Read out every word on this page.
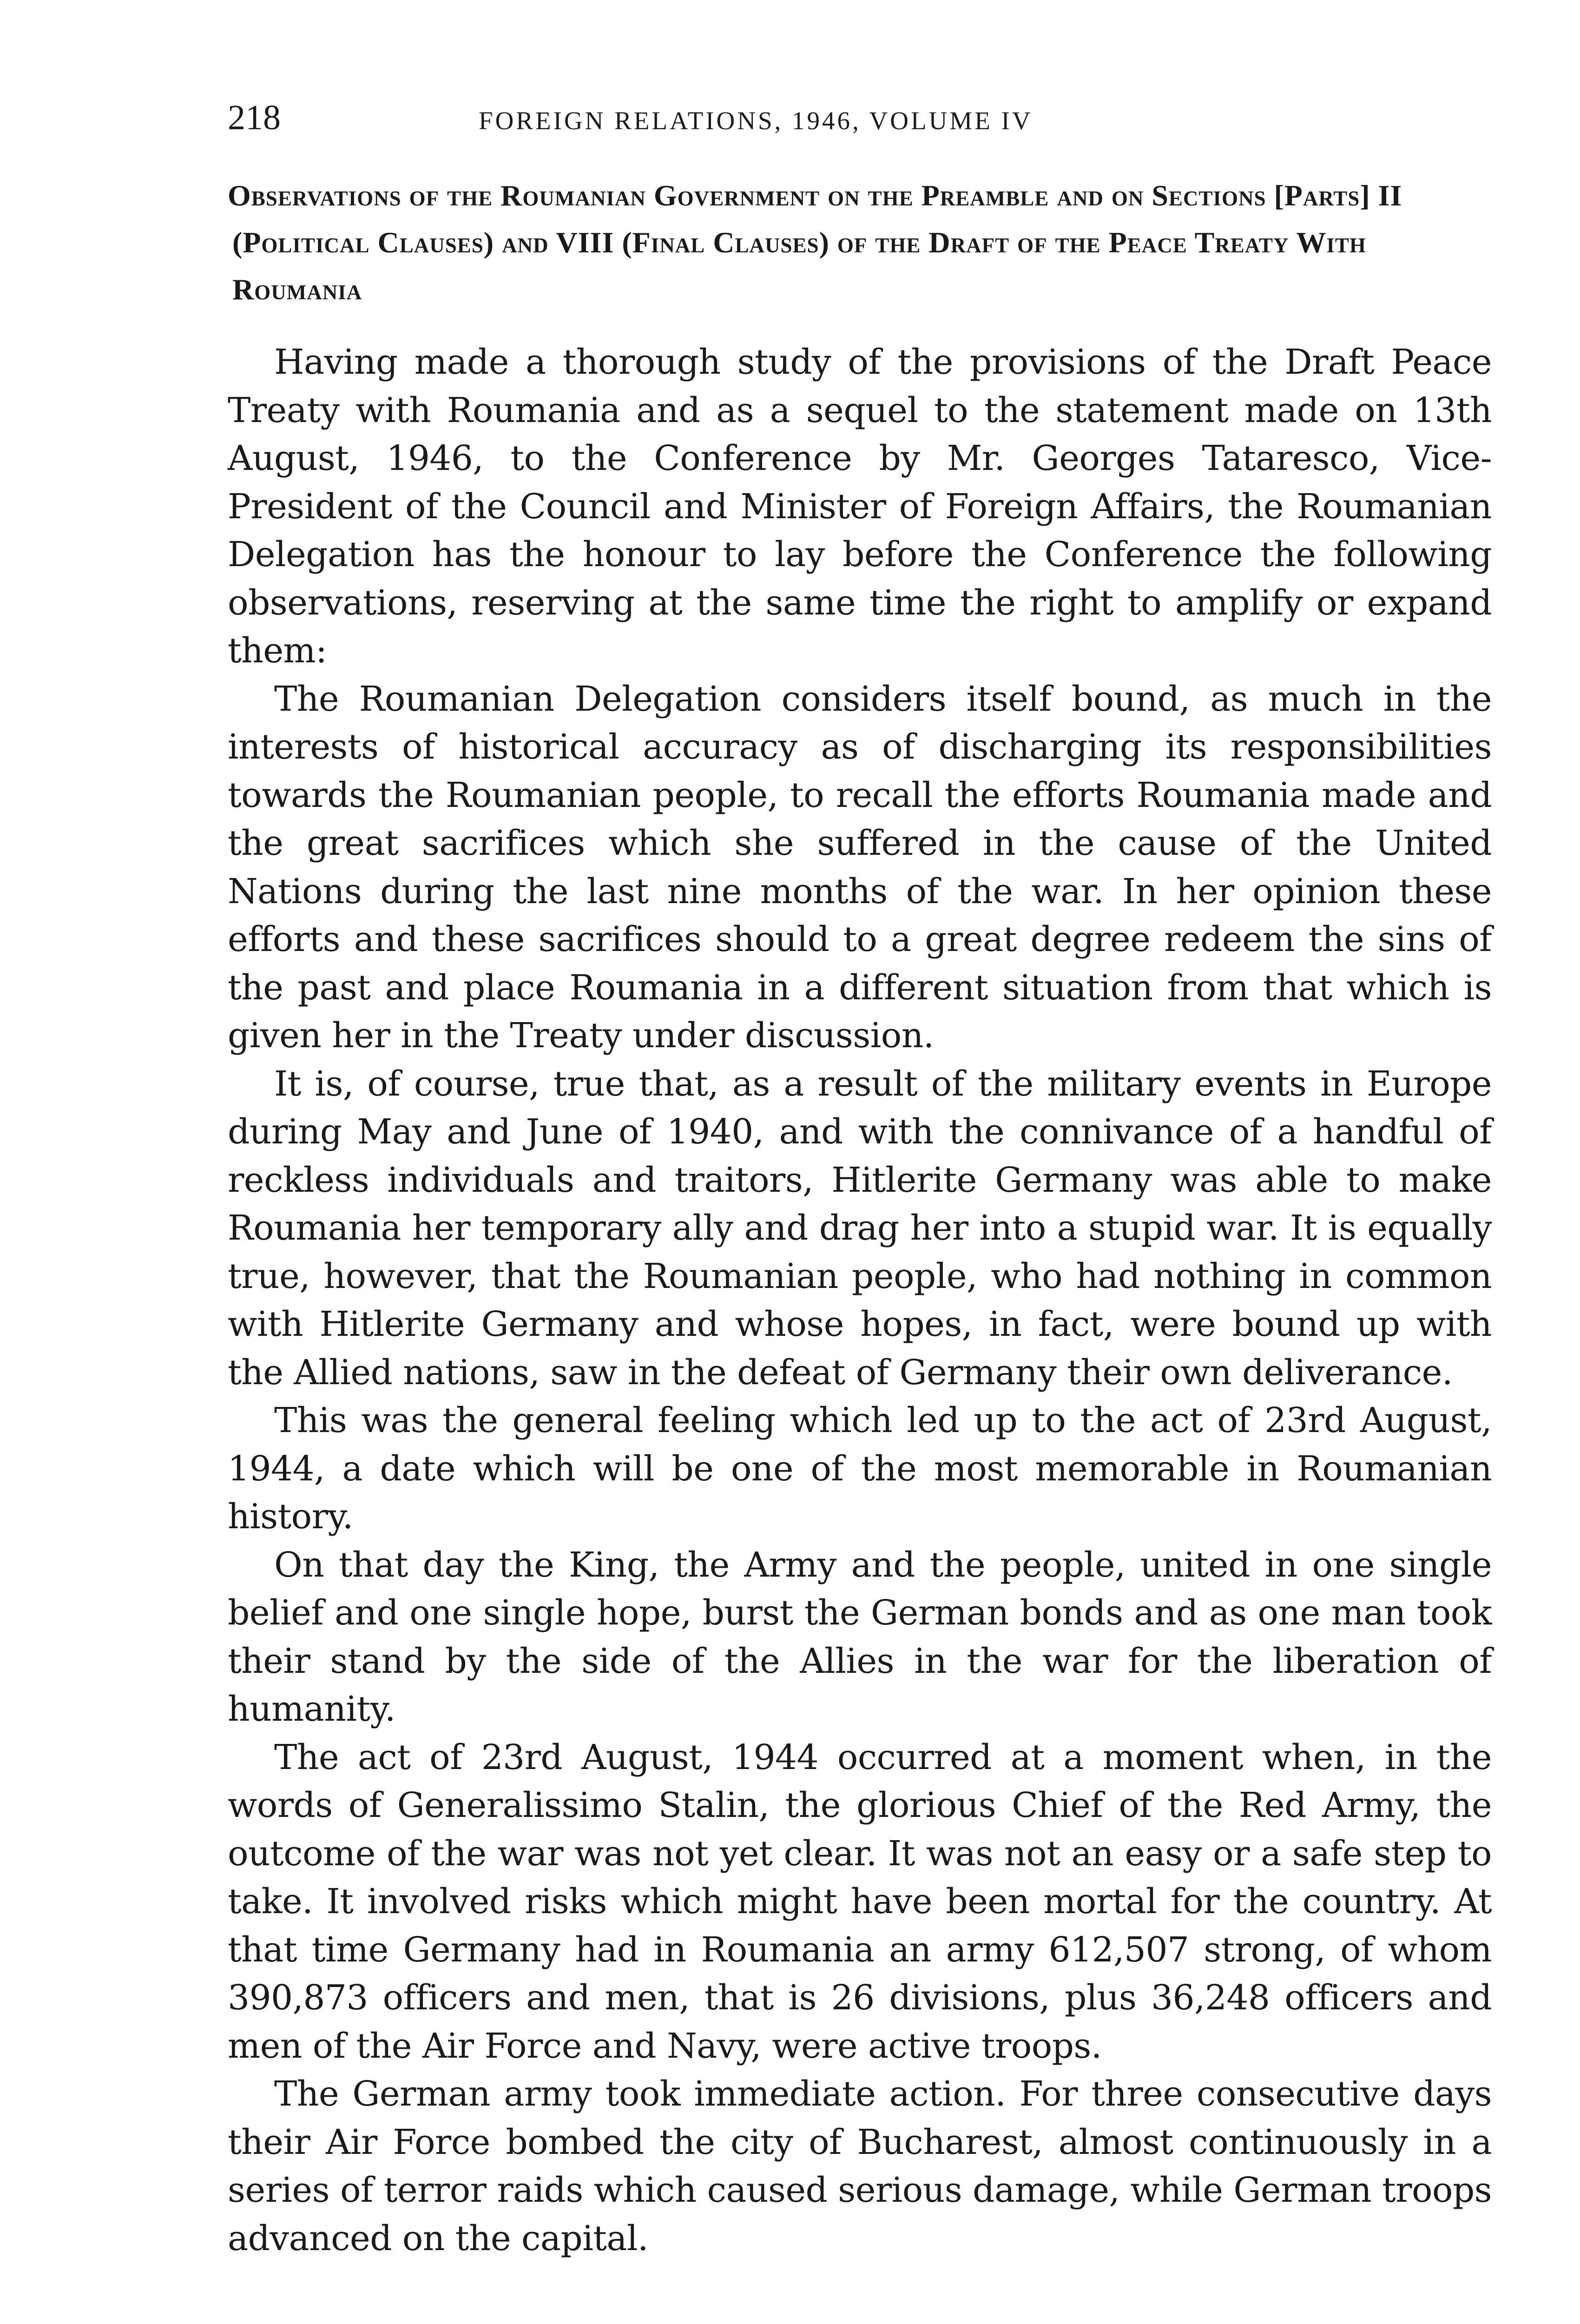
218	FOREIGN RELATIONS, 1946, VOLUME IV
Observations of the Roumanian Government on the Preamble and on Sections [Parts] II (Political Clauses) and VIII (Final Clauses) of the Draft of the Peace Treaty With Roumania

Having made a thorough study of the provisions of the Draft Peace Treaty with Roumania and as a sequel to the statement made on 13th August, 1946, to the Conference by Mr. Georges Tataresco, Vice-President of the Council and Minister of Foreign Affairs, the Roumanian Delegation has the honour to lay before the Conference the following observations, reserving at the same time the right to amplify or expand them:

The Roumanian Delegation considers itself bound, as much in the interests of historical accuracy as of discharging its responsibilities towards the Roumanian people, to recall the efforts Roumania made and the great sacrifices which she suffered in the cause of the United Nations during the last nine months of the war. In her opinion these efforts and these sacrifices should to a great degree redeem the sins of the past and place Roumania in a different situation from that which is given her in the Treaty under discussion.

It is, of course, true that, as a result of the military events in Europe during May and June of 1940, and with the connivance of a handful of reckless individuals and traitors, Hitlerite Germany was able to make Roumania her temporary ally and drag her into a stupid war. It is equally true, however, that the Roumanian people, who had nothing in common with Hitlerite Germany and whose hopes, in fact, were bound up with the Allied nations, saw in the defeat of Germany their own deliverance.

This was the general feeling which led up to the act of 23rd August, 1944, a date which will be one of the most memorable in Roumanian history.

On that day the King, the Army and the people, united in one single belief and one single hope, burst the German bonds and as one man took their stand by the side of the Allies in the war for the liberation of humanity.

The act of 23rd August, 1944 occurred at a moment when, in the words of Generalissimo Stalin, the glorious Chief of the Red Army, the outcome of the war was not yet clear. It was not an easy or a safe step to take. It involved risks which might have been mortal for the country. At that time Germany had in Roumania an army 612,507 strong, of whom 390,873 officers and men, that is 26 divisions, plus 36,248 officers and men of the Air Force and Navy, were active troops.

The German army took immediate action. For three consecutive days their Air Force bombed the city of Bucharest, almost continuously in a series of terror raids which caused serious damage, while German troops advanced on the capital.
